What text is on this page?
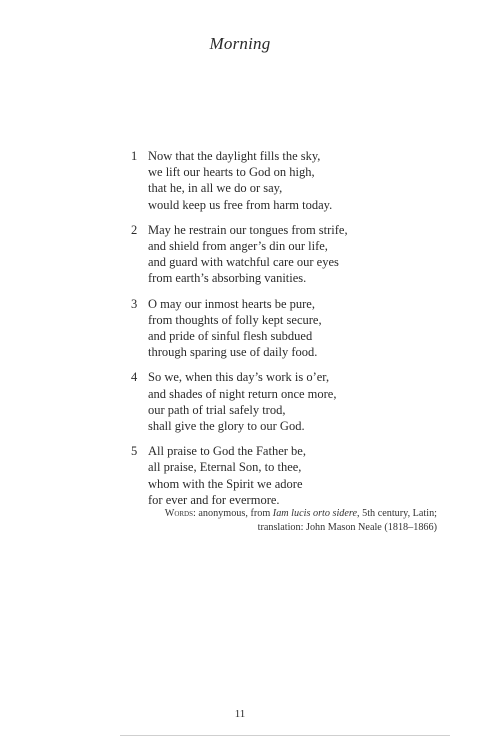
Morning
1 Now that the daylight fills the sky,
we lift our hearts to God on high,
that he, in all we do or say,
would keep us free from harm today.
2 May he restrain our tongues from strife,
and shield from anger’s din our life,
and guard with watchful care our eyes
from earth’s absorbing vanities.
3 O may our inmost hearts be pure,
from thoughts of folly kept secure,
and pride of sinful flesh subdued
through sparing use of daily food.
4 So we, when this day’s work is o’er,
and shades of night return once more,
our path of trial safely trod,
shall give the glory to our God.
5 All praise to God the Father be,
all praise, Eternal Son, to thee,
whom with the Spirit we adore
for ever and for evermore.
Words: anonymous, from Iam lucis orto sidere, 5th century, Latin;
translation: John Mason Neale (1818–1866)
11
